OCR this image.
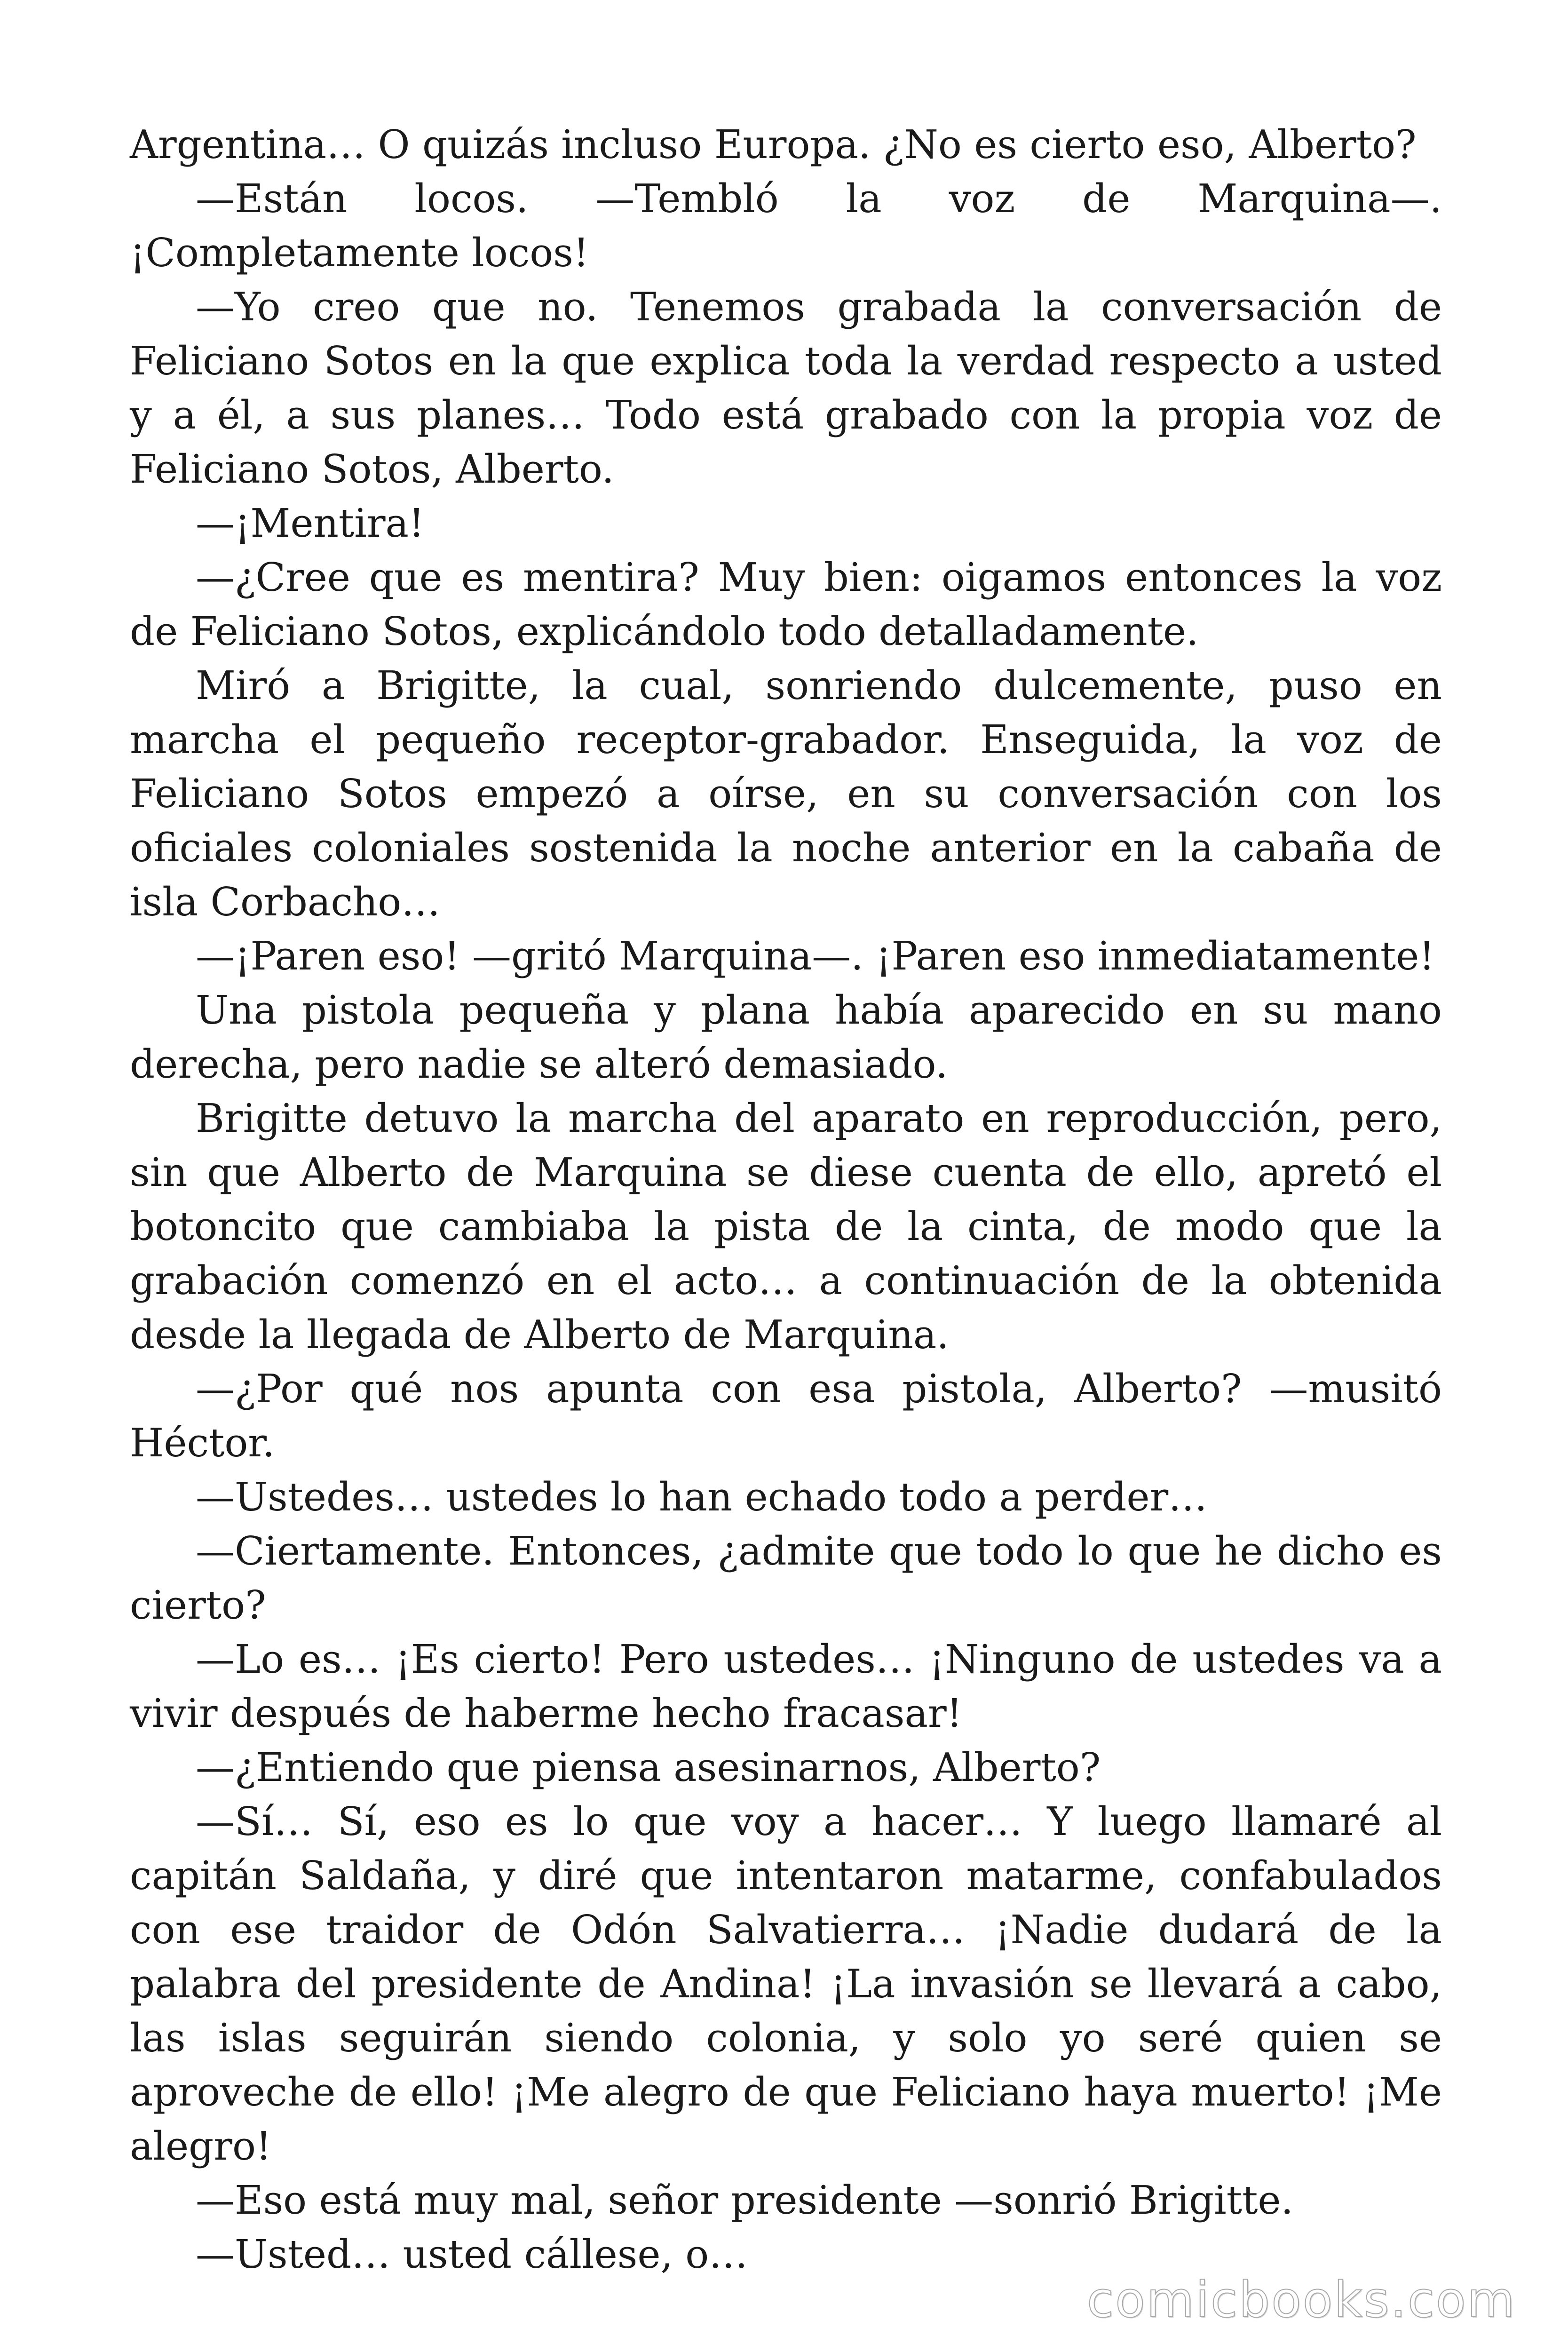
Argentina… O quizás incluso Europa. ¿No es cierto eso, Alberto?

—Están locos. —Tembló la voz de Marquina—. ¡Completamente locos!

—Yo creo que no. Tenemos grabada la conversación de Feliciano Sotos en la que explica toda la verdad respecto a usted y a él, a sus planes… Todo está grabado con la propia voz de Feliciano Sotos, Alberto.

—¡Mentira!

—¿Cree que es mentira? Muy bien: oigamos entonces la voz de Feliciano Sotos, explicándolo todo detalladamente.

Miró a Brigitte, la cual, sonriendo dulcemente, puso en marcha el pequeño receptor-grabador. Enseguida, la voz de Feliciano Sotos empezó a oírse, en su conversación con los oficiales coloniales sostenida la noche anterior en la cabaña de isla Corbacho…

—¡Paren eso! —gritó Marquina—. ¡Paren eso inmediatamente!

Una pistola pequeña y plana había aparecido en su mano derecha, pero nadie se alteró demasiado.

Brigitte detuvo la marcha del aparato en reproducción, pero, sin que Alberto de Marquina se diese cuenta de ello, apretó el botoncito que cambiaba la pista de la cinta, de modo que la grabación comenzó en el acto… a continuación de la obtenida desde la llegada de Alberto de Marquina.

—¿Por qué nos apunta con esa pistola, Alberto? —musitó Héctor.

—Ustedes… ustedes lo han echado todo a perder…

—Ciertamente. Entonces, ¿admite que todo lo que he dicho es cierto?

—Lo es… ¡Es cierto! Pero ustedes… ¡Ninguno de ustedes va a vivir después de haberme hecho fracasar!

—¿Entiendo que piensa asesinarnos, Alberto?

—Sí… Sí, eso es lo que voy a hacer… Y luego llamaré al capitán Saldaña, y diré que intentaron matarme, confabulados con ese traidor de Odón Salvatierra… ¡Nadie dudará de la palabra del presidente de Andina! ¡La invasión se llevará a cabo, las islas seguirán siendo colonia, y solo yo seré quien se aproveche de ello! ¡Me alegro de que Feliciano haya muerto! ¡Me alegro!

—Eso está muy mal, señor presidente —sonrió Brigitte.

—Usted… usted cállese, o…

comicbooks.com
